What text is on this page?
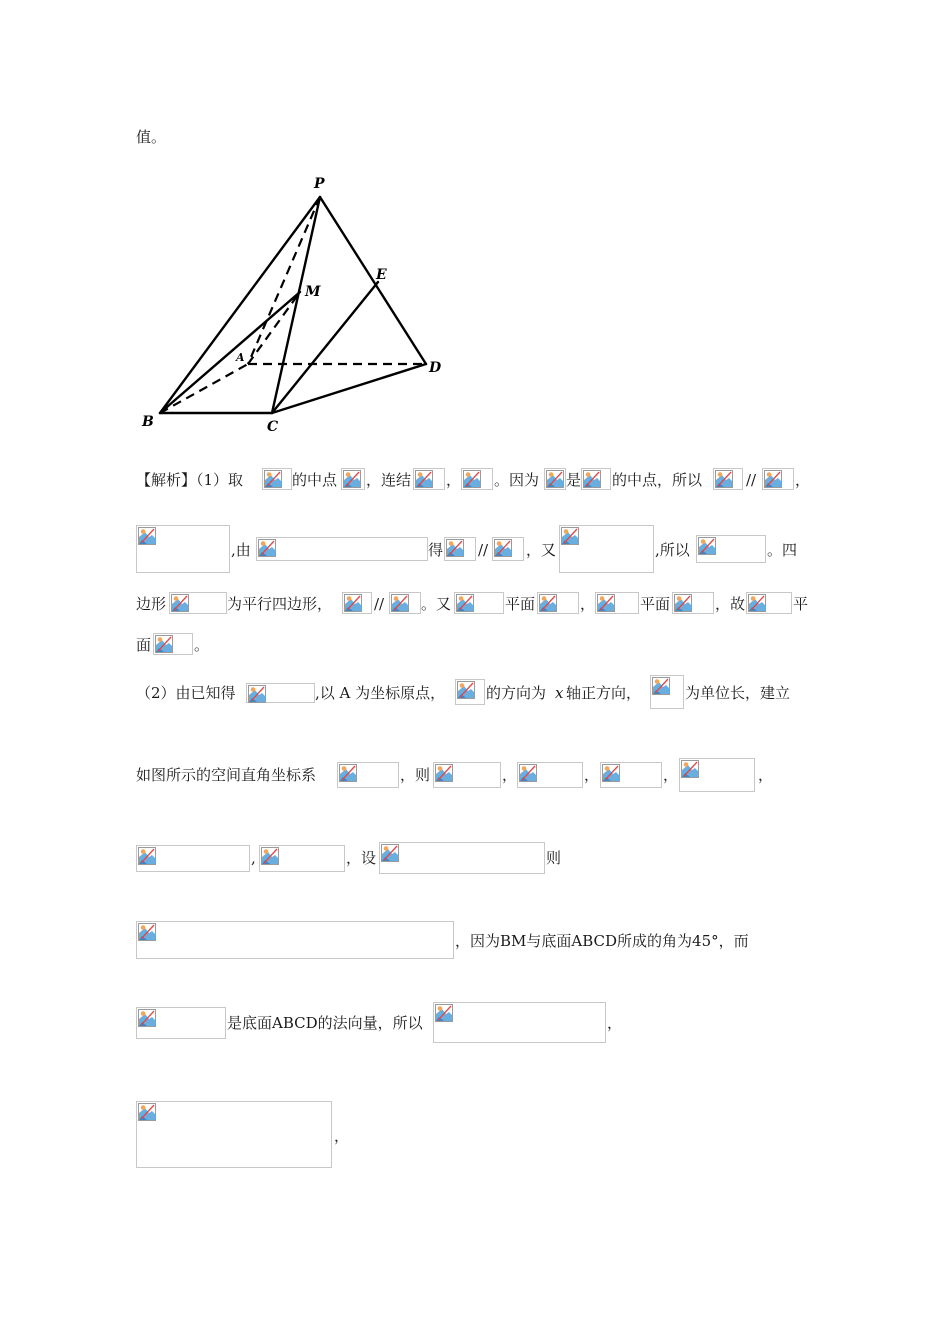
值。
P
E
M
A
D
B	C
【解析】（1）取	的中点 ，连结 ， 。因为 是 的中点，所以	//	，
,由	得 //	，又	,所以	。四
边形	为平行四边形，	// 。又	平面	，	平面	，故	平
面	。
（2）由已知得	,以 A 为坐标原点，	的方向为 x 轴正方向，	为单位长，建立
如图所示的空间直角坐标系	，则	，	，	，	，
,	，设	则
，因为BM与底面ABCD所成的角为45°，而
是底面ABCD的法向量，所以	，
，
